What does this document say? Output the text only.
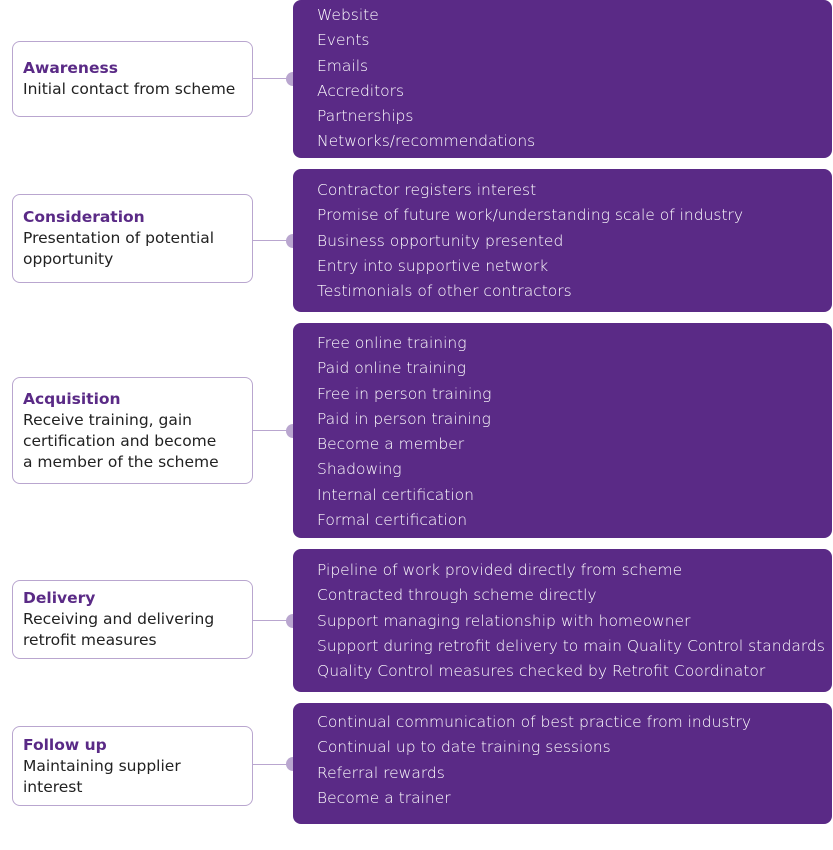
Awareness
Initial contact from scheme
Website
Events
Emails
Accreditors
Partnerships
Networks/recommendations
Consideration
Presentation of potential
opportunity
Contractor registers interest
Promise of future work/understanding scale of industry
Business opportunity presented
Entry into supportive network
Testimonials of other contractors
Acquisition
Receive training, gain
certification and become
a member of the scheme
Free online training
Paid online training
Free in person training
Paid in person training
Become a member
Shadowing
Internal certification
Formal certification
Delivery
Receiving and delivering
retrofit measures
Pipeline of work provided directly from scheme
Contracted through scheme directly
Support managing relationship with homeowner
Support during retrofit delivery to main Quality Control standards
Quality Control measures checked by Retrofit Coordinator
Follow up
Maintaining supplier interest
Continual communication of best practice from industry
Continual up to date training sessions
Referral rewards
Become a trainer
